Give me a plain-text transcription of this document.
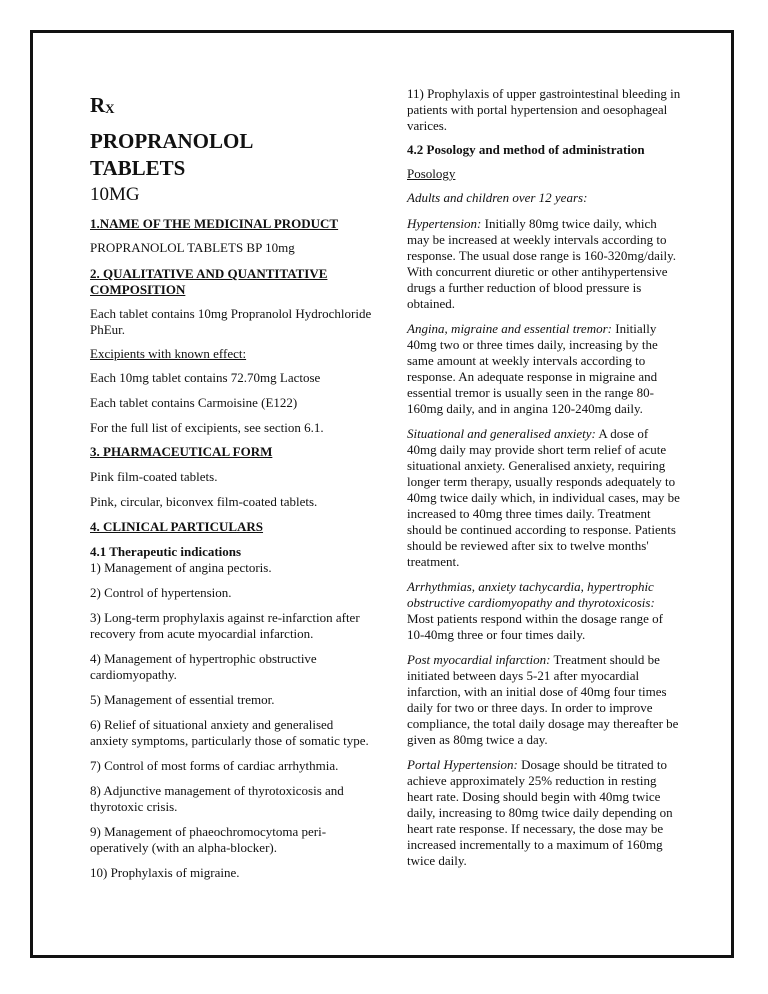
$R_X$

PROPRANOLOL
TABLETS

10MG

1.NAME OF THE MEDICINAL PRODUCT

PROPRANOLOL TABLETS BP 10mg

2. QUALITATIVE AND QUANTITATIVE
COMPOSITION

Each tablet contains 10mg Propranolol Hydrochloride PhEur.

Excipients with known effect:

Each 10mg tablet contains 72.70mg Lactose

Each tablet contains Carmoisine (E122)

For the full list of excipients, see section 6.1.

3. PHARMACEUTICAL FORM

Pink film-coated tablets.

Pink, circular, biconvex film-coated tablets.

4. CLINICAL PARTICULARS

4.1 Therapeutic indications

1) Management of angina pectoris.

2) Control of hypertension.

3) Long-term prophylaxis against re-infarction after recovery from acute myocardial infarction.

4) Management of hypertrophic obstructive cardiomyopathy.

5) Management of essential tremor.

6) Relief of situational anxiety and generalised anxiety symptoms, particularly those of somatic type.

7) Control of most forms of cardiac arrhythmia.

8) Adjunctive management of thyrotoxicosis and thyrotoxic crisis.

9) Management of phaeochromocytoma peri-operatively (with an alpha-blocker).

10) Prophylaxis of migraine.

11) Prophylaxis of upper gastrointestinal bleeding in patients with portal hypertension and oesophageal varices.

4.2 Posology and method of administration

Posology

Adults and children over 12 years:

Hypertension: Initially 80mg twice daily, which may be increased at weekly intervals according to response. The usual dose range is 160-320mg/daily. With concurrent diuretic or other antihypertensive drugs a further reduction of blood pressure is obtained.

Angina, migraine and essential tremor: Initially 40mg two or three times daily, increasing by the same amount at weekly intervals according to response. An adequate response in migraine and essential tremor is usually seen in the range 80-160mg daily, and in angina 120-240mg daily.

Situational and generalised anxiety: A dose of 40mg daily may provide short term relief of acute situational anxiety. Generalised anxiety, requiring longer term therapy, usually responds adequately to 40mg twice daily which, in individual cases, may be increased to 40mg three times daily. Treatment should be continued according to response. Patients should be reviewed after six to twelve months' treatment.

Arrhythmias, anxiety tachycardia, hypertrophic obstructive cardiomyopathy and thyrotoxicosis: Most patients respond within the dosage range of 10-40mg three or four times daily.

Post myocardial infarction: Treatment should be initiated between days 5-21 after myocardial infarction, with an initial dose of 40mg four times daily for two or three days. In order to improve compliance, the total daily dosage may thereafter be given as 80mg twice a day.

Portal Hypertension: Dosage should be titrated to achieve approximately 25% reduction in resting heart rate. Dosing should begin with 40mg twice daily, increasing to 80mg twice daily depending on heart rate response. If necessary, the dose may be increased incrementally to a maximum of 160mg twice daily.
